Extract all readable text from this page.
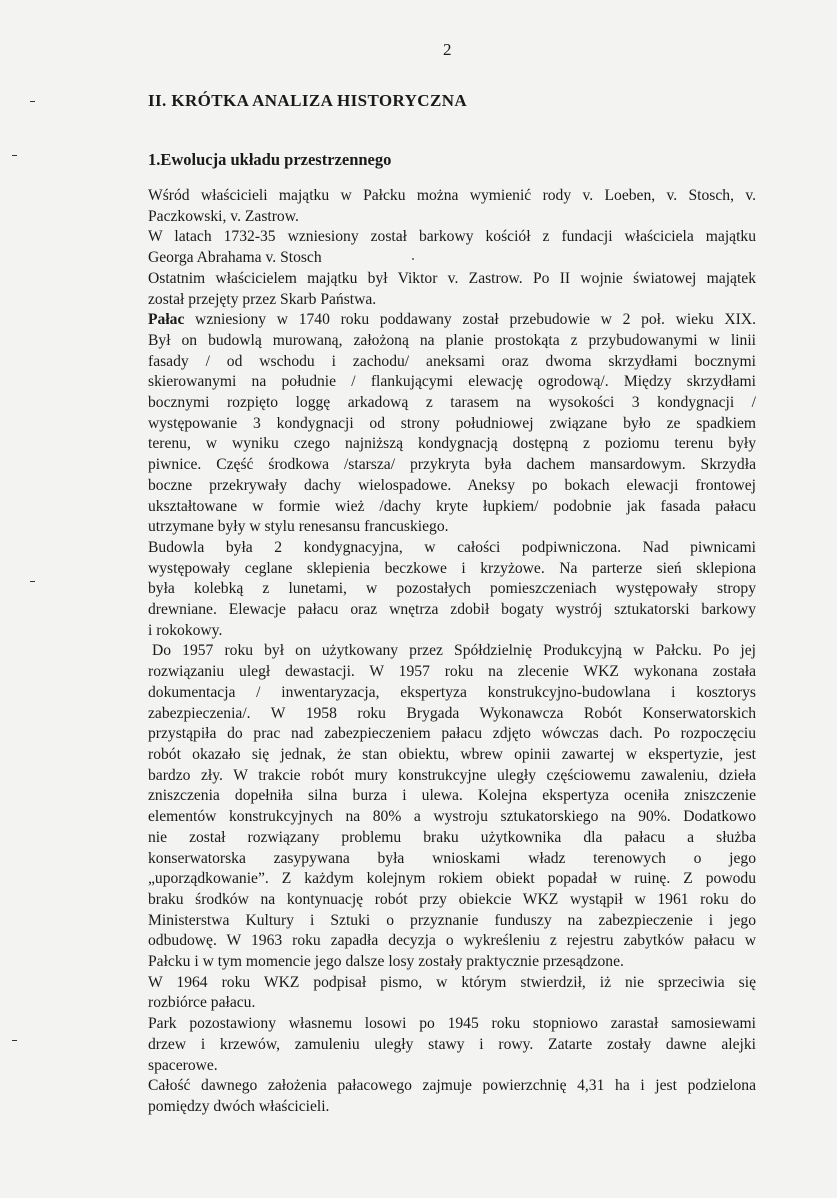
2
II. KRÓTKA ANALIZA HISTORYCZNA
1.Ewolucja układu przestrzennego
Wśród właścicieli majątku w Pałcku można wymienić rody v. Loeben, v. Stosch, v.
Paczkowski, v. Zastrow.
W latach 1732-35 wzniesiony został barkowy kościół z fundacji właściciela majątku
Georga Abrahama v. Stosch
Ostatnim właścicielem majątku był Viktor v. Zastrow. Po II wojnie światowej majątek
został przejęty przez Skarb Państwa.
Pałac wzniesiony w 1740 roku poddawany został przebudowie w 2 poł. wieku XIX.
Był on budowlą murowaną, założoną na planie prostokąta z przybudowanymi w linii
fasady / od wschodu i zachodu/ aneksami oraz dwoma skrzydłami bocznymi
skierowanymi na południe / flankującymi elewację ogrodową/. Między skrzydłami
bocznymi rozpięto loggę arkadową z tarasem na wysokości 3 kondygnacji /
występowanie 3 kondygnacji od strony południowej związane było ze spadkiem
terenu, w wyniku czego najniższą kondygnacją dostępną z poziomu terenu były
piwnice. Część środkowa /starsza/ przykryta była dachem mansardowym. Skrzydła
boczne przekrywały dachy wielospadowe. Aneksy po bokach elewacji frontowej
ukształtowane w formie wież /dachy kryte łupkiem/ podobnie jak fasada pałacu
utrzymane były w stylu renesansu francuskiego.
Budowla była 2 kondygnacyjna, w całości podpiwniczona. Nad piwnicami
występowały ceglane sklepienia beczkowe i krzyżowe. Na parterze sień sklepiona
była kolebką z lunetami, w pozostałych pomieszczeniach występowały stropy
drewniane. Elewacje pałacu oraz wnętrza zdobił bogaty wystrój sztukatorski barkowy
i rokokowy.
Do 1957 roku był on użytkowany przez Spółdzielnię Produkcyjną w Pałcku. Po jej
rozwiązaniu uległ dewastacji. W 1957 roku na zlecenie WKZ wykonana została
dokumentacja / inwentaryzacja, ekspertyza konstrukcyjno-budowlana i kosztorys
zabezpieczenia/. W 1958 roku Brygada Wykonawcza Robót Konserwatorskich
przystąpiła do prac nad zabezpieczeniem pałacu zdjęto wówczas dach. Po rozpoczęciu
robót okazało się jednak, że stan obiektu, wbrew opinii zawartej w ekspertyzie, jest
bardzo zły. W trakcie robót mury konstrukcyjne uległy częściowemu zawaleniu, dzieła
zniszczenia dopełniła silna burza i ulewa. Kolejna ekspertyza oceniła zniszczenie
elementów konstrukcyjnych na 80% a wystroju sztukatorskiego na 90%. Dodatkowo
nie został rozwiązany problemu braku użytkownika dla pałacu a służba
konserwatorska zasypywana była wnioskami władz terenowych o jego
„uporządkowanie”. Z każdym kolejnym rokiem obiekt popadał w ruinę. Z powodu
braku środków na kontynuację robót przy obiekcie WKZ wystąpił w 1961 roku do
Ministerstwa Kultury i Sztuki o przyznanie funduszy na zabezpieczenie i jego
odbudowę. W 1963 roku zapadła decyzja o wykreśleniu z rejestru zabytków pałacu w
Pałcku i w tym momencie jego dalsze losy zostały praktycznie przesądzone.
W 1964 roku WKZ podpisał pismo, w którym stwierdził, iż nie sprzeciwia się
rozbiórce pałacu.
Park pozostawiony własnemu losowi po 1945 roku stopniowo zarastał samosiewami
drzew i krzewów, zamuleniu uległy stawy i rowy. Zatarte zostały dawne alejki
spacerowe.
Całość dawnego założenia pałacowego zajmuje powierzchnię 4,31 ha i jest podzielona
pomiędzy dwóch właścicieli.
